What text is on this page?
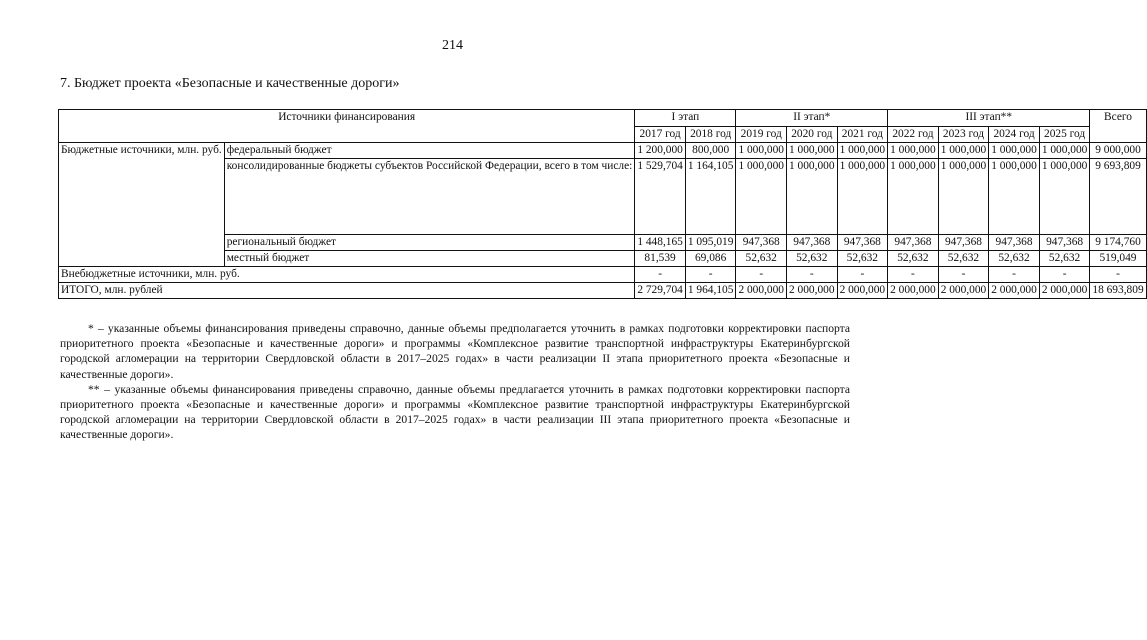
214
7. Бюджет проекта «Безопасные и качественные дороги»
Источники финансирования		I этап		II этап*			III этап**				Всего
		2017 год	2018 год	2019 год	2020 год	2021 год	2022 год	2023 год	2024 год	2025 год	
Бюджетные источники, млн. руб.	федеральный бюджет	1 200,000	800,000	1 000,000	1 000,000	1 000,000	1 000,000	1 000,000	1 000,000	1 000,000	9 000,000
	консолидированные бюджеты субъектов Российской Федерации, всего в том числе:	1 529,704	1 164,105	1 000,000	1 000,000	1 000,000	1 000,000	1 000,000	1 000,000	1 000,000	9 693,809
	региональный бюджет	1 448,165	1 095,019	947,368	947,368	947,368	947,368	947,368	947,368	947,368	9 174,760
	местный бюджет	81,539	69,086	52,632	52,632	52,632	52,632	52,632	52,632	52,632	519,049
Внебюджетные источники, млн. руб.		-	-	-	-	-	-	-	-	-	-
ИТОГО, млн. рублей		2 729,704	1 964,105	2 000,000	2 000,000	2 000,000	2 000,000	2 000,000	2 000,000	2 000,000	18 693,809

* – указанные объемы финансирования приведены справочно, данные объемы предполагается уточнить в рамках подготовки корректировки паспорта приоритетного проекта «Безопасные и качественные дороги» и программы «Комплексное развитие транспортной инфраструктуры Екатеринбургской городской агломерации на территории Свердловской области в 2017–2025 годах» в части реализации II этапа приоритетного проекта «Безопасные и качественные дороги».

** – указанные объемы финансирования приведены справочно, данные объемы предлагается уточнить в рамках подготовки корректировки паспорта приоритетного проекта «Безопасные и качественные дороги» и программы «Комплексное развитие транспортной инфраструктуры Екатеринбургской городской агломерации на территории Свердловской области в 2017–2025 годах» в части реализации III этапа приоритетного проекта «Безопасные и качественные дороги».
